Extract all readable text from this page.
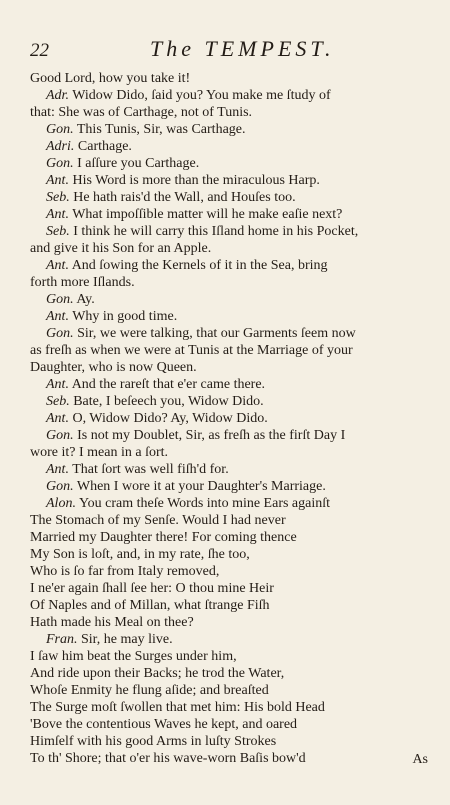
22	The TEMPEST.
Good Lord, how you take it!
Adr. Widow Dido, ſaid you? You make me ſtudy of
that: She was of Carthage, not of Tunis.
Gon. This Tunis, Sir, was Carthage.
Adri. Carthage.
Gon. I aſſure you Carthage.
Ant. His Word is more than the miraculous Harp.
Seb. He hath rais'd the Wall, and Houſes too.
Ant. What impoſſible matter will he make eaſie next?
Seb. I think he will carry this Iſland home in his Pocket,
and give it his Son for an Apple.
Ant. And ſowing the Kernels of it in the Sea, bring
forth more Iſlands.
Gon. Ay.
Ant. Why in good time.
Gon. Sir, we were talking, that our Garments ſeem now
as freſh as when we were at Tunis at the Marriage of your
Daughter, who is now Queen.
Ant. And the rareſt that e'er came there.
Seb. Bate, I beſeech you, Widow Dido.
Ant. O, Widow Dido? Ay, Widow Dido.
Gon. Is not my Doublet, Sir, as freſh as the firſt Day I
wore it? I mean in a ſort.
Ant. That ſort was well fiſh'd for.
Gon. When I wore it at your Daughter's Marriage.
Alon. You cram theſe Words into mine Ears againſt
The Stomach of my Senſe. Would I had never
Married my Daughter there! For coming thence
My Son is loſt, and, in my rate, ſhe too,
Who is ſo far from Italy removed,
I ne'er again ſhall ſee her: O thou mine Heir
Of Naples and of Millan, what ſtrange Fiſh
Hath made his Meal on thee?
Fran. Sir, he may live.
I ſaw him beat the Surges under him,
And ride upon their Backs; he trod the Water,
Whoſe Enmity he flung aſide; and breaſted
The Surge moſt ſwollen that met him: His bold Head
'Bove the contentious Waves he kept, and oared
Himſelf with his good Arms in luſty Strokes
To th' Shore; that o'er his wave-worn Baſis bow'd	As
